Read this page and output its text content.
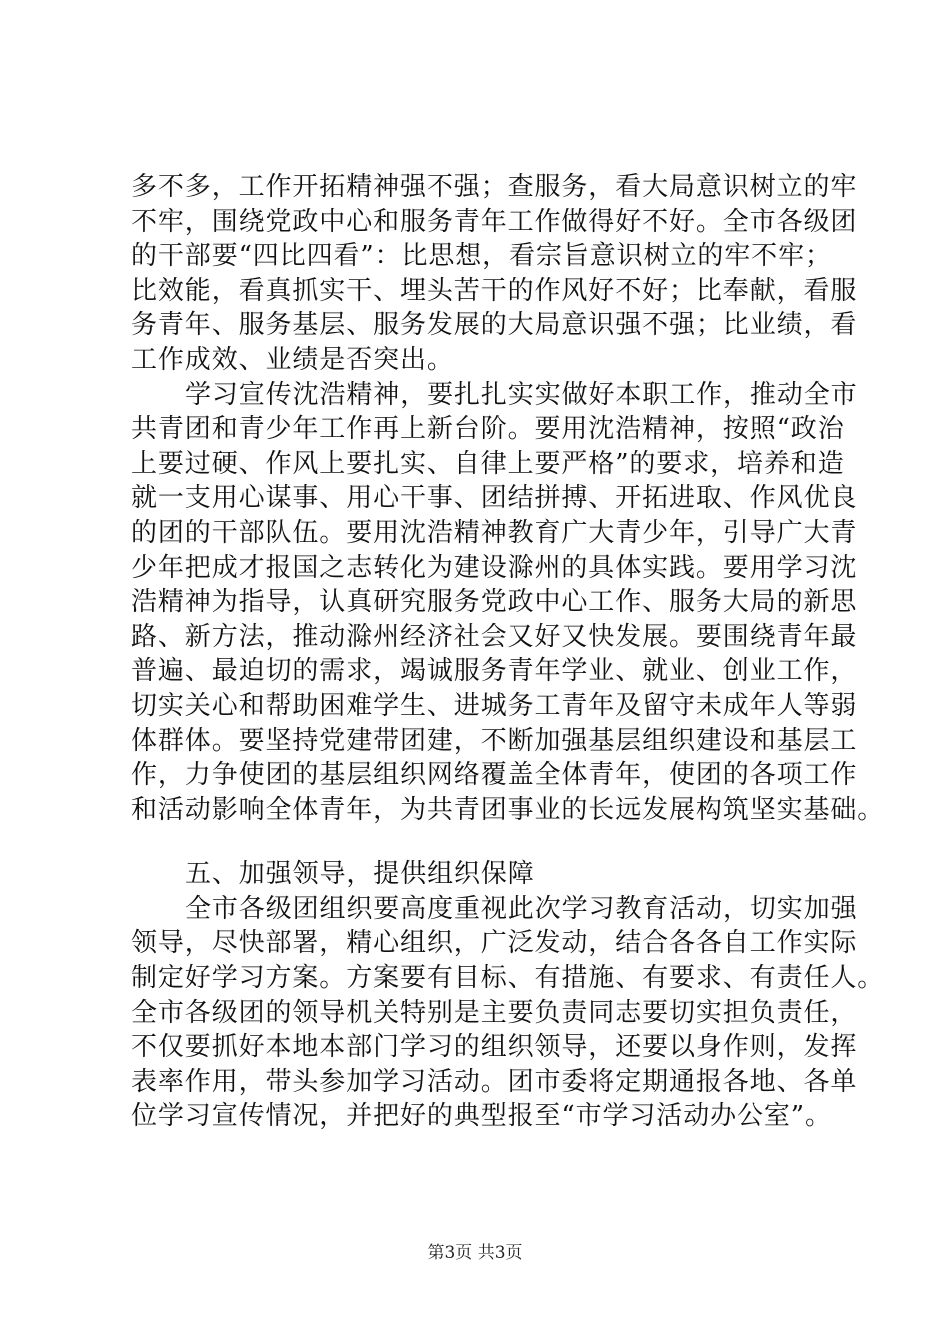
多不多，工作开拓精神强不强；查服务，看大局意识树立的牢
不牢，围绕党政中心和服务青年工作做得好不好。全市各级团
的干部要“四比四看”：比思想，看宗旨意识树立的牢不牢；
比效能，看真抓实干、埋头苦干的作风好不好；比奉献，看服
务青年、服务基层、服务发展的大局意识强不强；比业绩，看
工作成效、业绩是否突出。
学习宣传沈浩精神，要扎扎实实做好本职工作，推动全市
共青团和青少年工作再上新台阶。要用沈浩精神，按照“政治
上要过硬、作风上要扎实、自律上要严格”的要求，培养和造
就一支用心谋事、用心干事、团结拼搏、开拓进取、作风优良
的团的干部队伍。要用沈浩精神教育广大青少年，引导广大青
少年把成才报国之志转化为建设滁州的具体实践。要用学习沈
浩精神为指导，认真研究服务党政中心工作、服务大局的新思
路、新方法，推动滁州经济社会又好又快发展。要围绕青年最
普遍、最迫切的需求，竭诚服务青年学业、就业、创业工作，
切实关心和帮助困难学生、进城务工青年及留守未成年人等弱
体群体。要坚持党建带团建，不断加强基层组织建设和基层工
作，力争使团的基层组织网络覆盖全体青年，使团的各项工作
和活动影响全体青年，为共青团事业的长远发展构筑坚实基础。
五、加强领导，提供组织保障
全市各级团组织要高度重视此次学习教育活动，切实加强
领导，尽快部署，精心组织，广泛发动，结合各各自工作实际
制定好学习方案。方案要有目标、有措施、有要求、有责任人。
全市各级团的领导机关特别是主要负责同志要切实担负责任，
不仅要抓好本地本部门学习的组织领导，还要以身作则，发挥
表率作用，带头参加学习活动。团市委将定期通报各地、各单
位学习宣传情况，并把好的典型报至“市学习活动办公室”。
第3页 共3页
